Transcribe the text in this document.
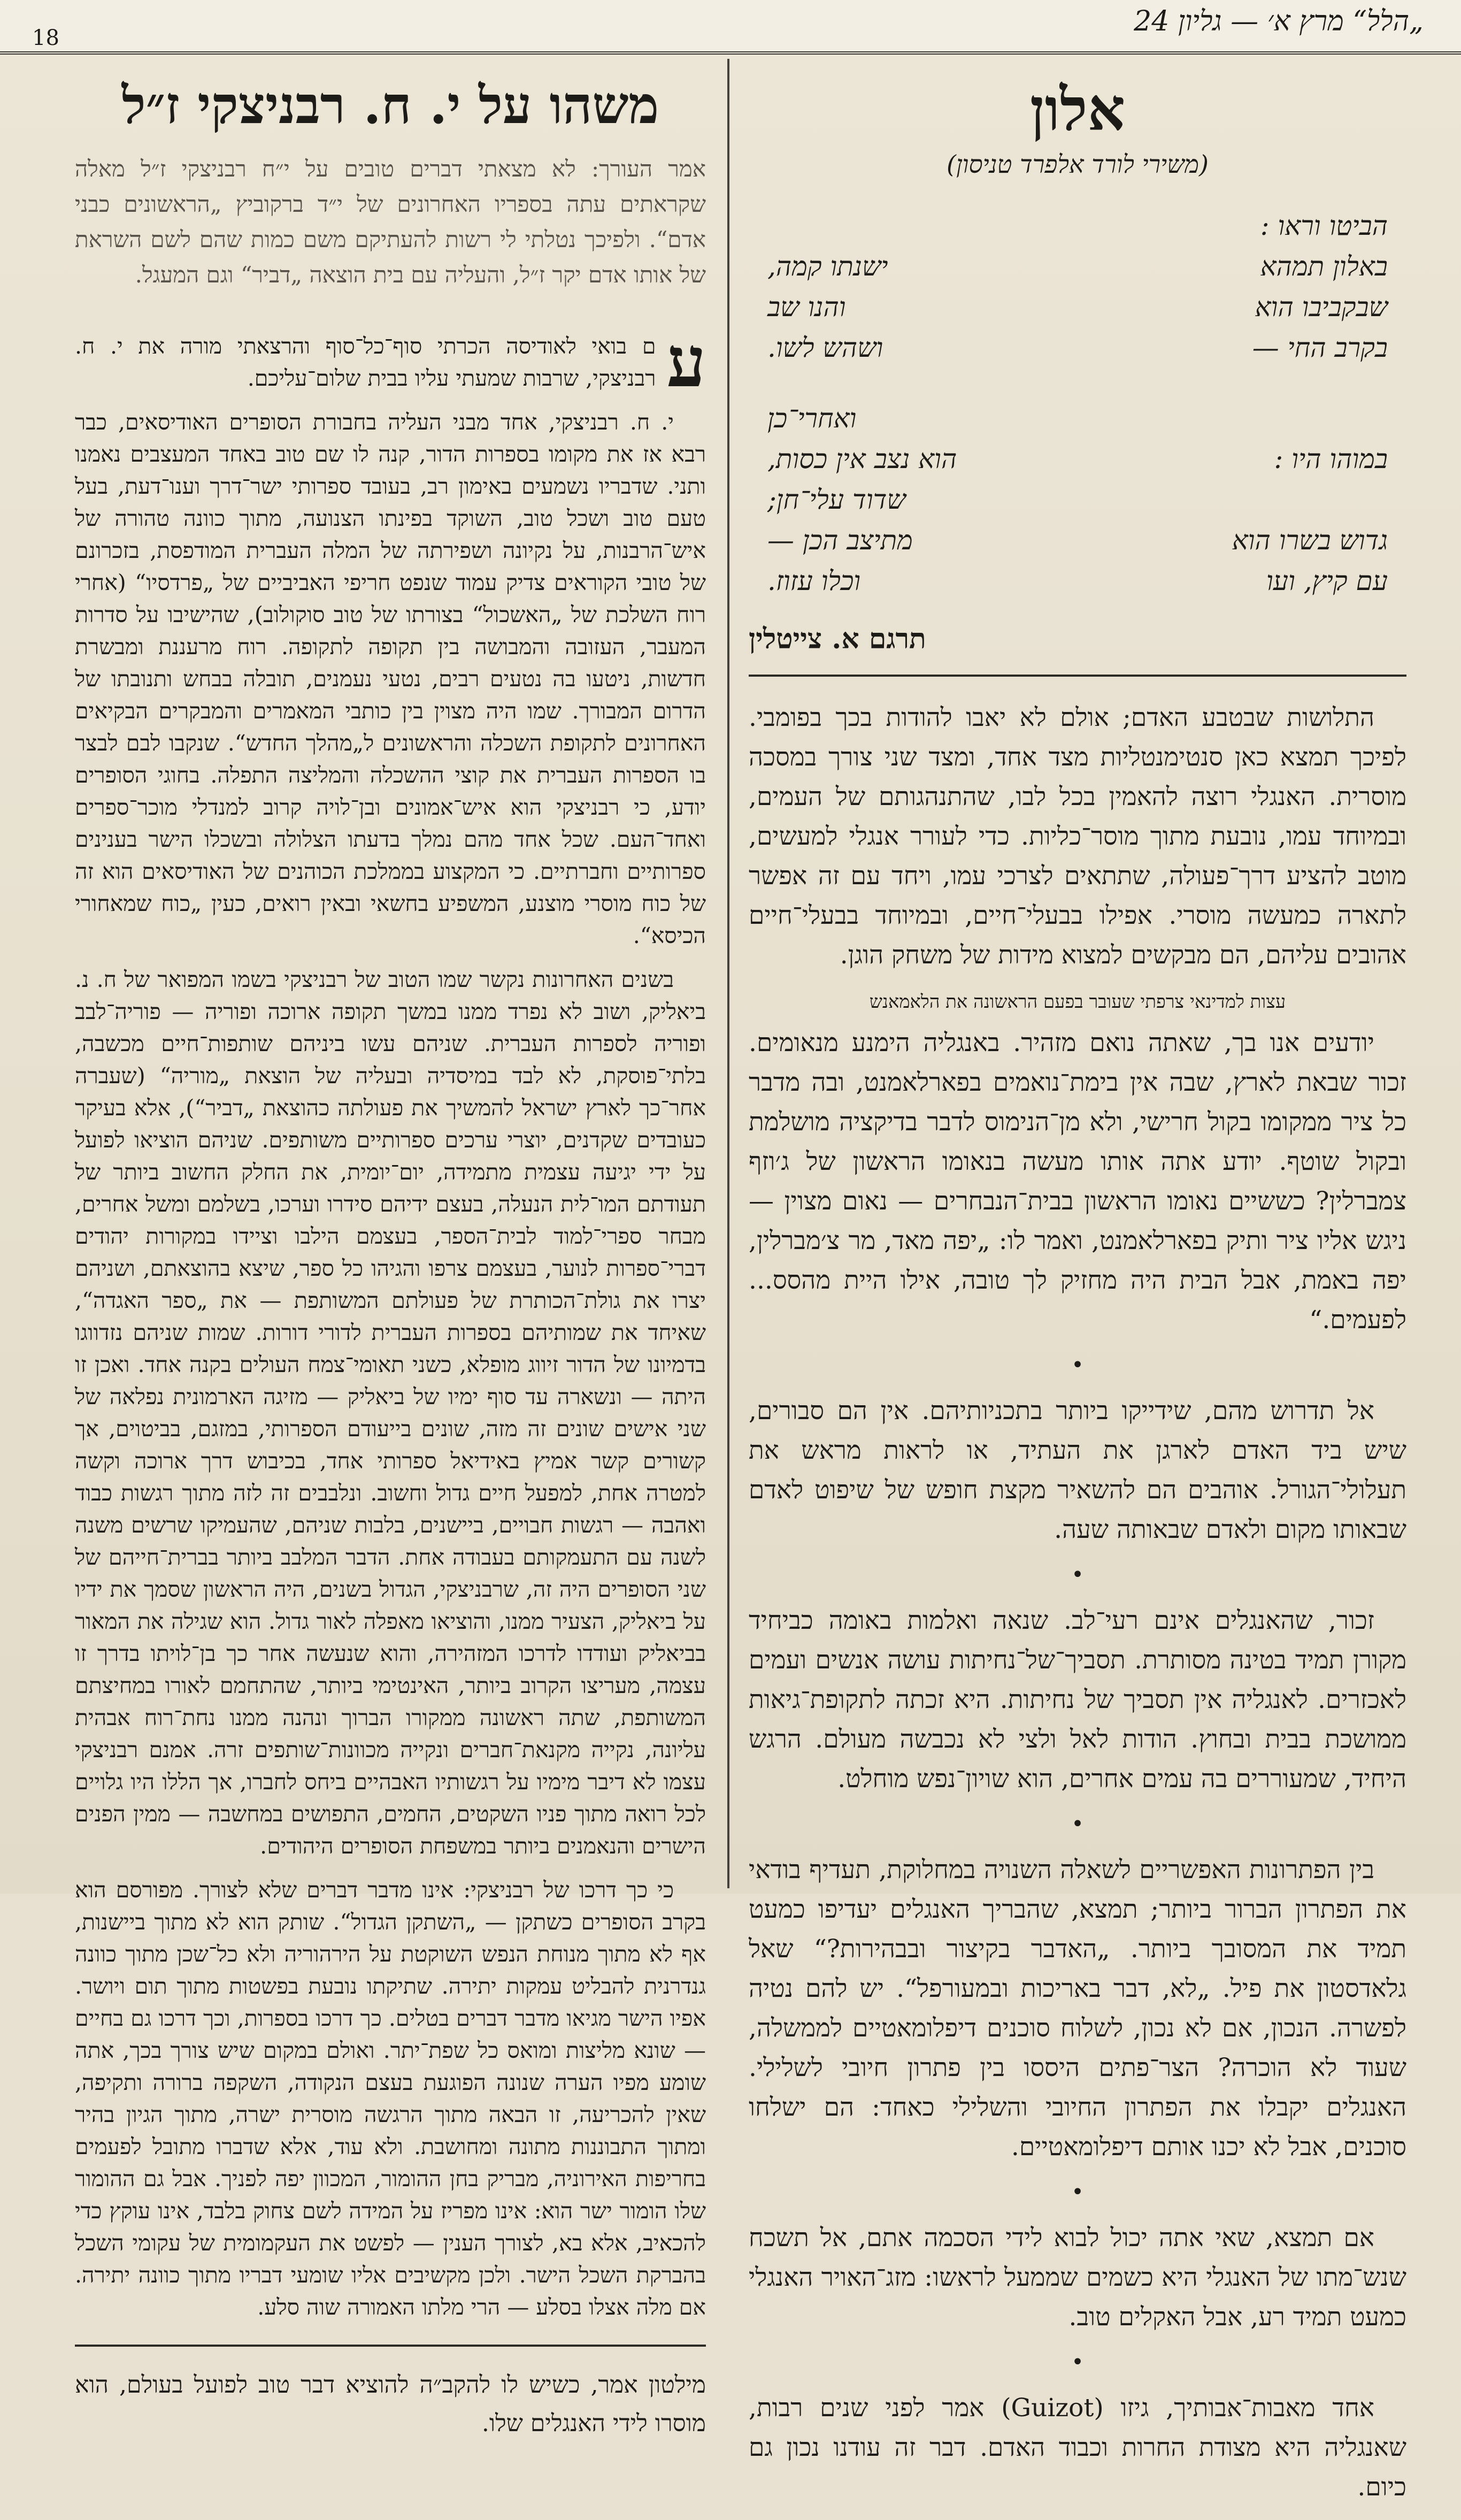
„הלל“ מרץ א׳ — גליון 24
18
אלון
(משירי לורד אלפרד טניסון)
הביטו וראו :
באלון תמהא
ישנתו קמה,
שבקביבו הוא
והנו שב
בקרב החי —
ושהש לשו.
ואחרי־כן
במוהו היו :
הוא נצב אין כסות,
שדוד עלי־חן;
גדוש בשרו הוא
מתיצב הכן —
עם קיץ, ועו
וכלו עזוז.
תרגם א. צייטלין
התלושות שבטבע האדם; אולם לא יאבו להודות בכך בפומבי. לפיכך תמצא כאן סנטימנטליות מצד אחד, ומצד שני צורך במסכה מוסרית. האנגלי רוצה להאמין בכל לבו, שהתנהגותם של העמים, ובמיוחד עמו, נובעת מתוך מוסר־כליות. כדי לעורר אנגלי למעשים, מוטב להציע דרך־פעולה, שתתאים לצרכי עמו, ויחד עם זה אפשר לתארה כמעשה מוסרי. אפילו בבעלי־חיים, ובמיוחד בבעלי־חיים אהובים עליהם, הם מבקשים למצוא מידות של משחק הוגן.
עצות למדינאי צרפתי שעובר בפעם הראשונה את הלאמאנש
יודעים אנו בך, שאתה נואם מזהיר. באנגליה הימנע מנאומים. זכור שבאת לארץ, שבה אין בימת־נואמים בפארלאמנט, ובה מדבר כל ציר ממקומו בקול חרישי, ולא מן־הנימוס לדבר בדיקציה מושלמת ובקול שוטף. יודע אתה אותו מעשה בנאומו הראשון של ג׳וזף צמברלין? כששיים נאומו הראשון בבית־הנבחרים — נאום מצוין — ניגש אליו ציר ותיק בפארלאמנט, ואמר לו: „יפה מאד, מר צ׳מברלין, יפה באמת, אבל הבית היה מחזיק לך טובה, אילו היית מהסס... לפעמים.“
•
אל תדרוש מהם, שידייקו ביותר בתכניותיהם. אין הם סבורים, שיש ביד האדם לארגן את העתיד, או לראות מראש את תעלולי־הגורל. אוהבים הם להשאיר מקצת חופש של שיפוט לאדם שבאותו מקום ולאדם שבאותה שעה.
•
זכור, שהאנגלים אינם רעי־לב. שנאה ואלמות באומה כביחיד מקורן תמיד בטינה מסותרת. תסביך־של־נחיתות עושה אנשים ועמים לאכזרים. לאנגליה אין תסביך של נחיתות. היא זכתה לתקופת־גיאות ממושכת בבית ובחוץ. הודות לאל ולצי לא נכבשה מעולם. הרגש היחיד, שמעוררים בה עמים אחרים, הוא שויון־נפש מוחלט.
•
בין הפתרונות האפשריים לשאלה השנויה במחלוקת, תעדיף בודאי את הפתרון הברור ביותר; תמצא, שהבריך האנגלים יעדיפו כמעט תמיד את המסובך ביותר. „האדבר בקיצור ובבהירות?“ שאל גלאדסטון את פיל. „לא, דבר באריכות ובמעורפל“. יש להם נטיה לפשרה. הנכון, אם לא נכון, לשלוח סוכנים דיפלומאטיים לממשלה, שעוד לא הוכרה? הצר־פתים היססו בין פתרון חיובי לשלילי. האנגלים יקבלו את הפתרון החיובי והשלילי כאחד: הם ישלחו סוכנים, אבל לא יכנו אותם דיפלומאטיים.
•
אם תמצא, שאי אתה יכול לבוא לידי הסכמה אתם, אל תשכח שנש־מתו של האנגלי היא כשמים שממעל לראשו: מזג־האויר האנגלי כמעט תמיד רע, אבל האקלים טוב.
•
אחד מאבות־אבותיך, גיזו (Guizot) אמר לפני שנים רבות, שאנגליה היא מצודת החרות וכבוד האדם. דבר זה עודנו נכון גם כיום.
משהו על י. ח. רבניצקי ז״ל
אמר העורך: לא מצאתי דברים טובים על י״ח רבניצקי ז״ל מאלה שקראתים עתה בספריו האחרונים של י״ד ברקוביץ „הראשונים כבני אדם“. ולפיכך נטלתי לי רשות להעתיקם משם כמות שהם לשם השראת של אותו אדם יקר ז״ל, והעליה עם בית הוצאה „דביר“ וגם המעגל.

ע
ם בואי לאודיסה הכרתי סוף־כל־סוף והרצאתי מורה את י. ח. רבניצקי, שרבות שמעתי עליו בבית שלום־עליכם.

י. ח. רבניצקי, אחד מבני העליה בחבורת הסופרים האודיסאים, כבר רבא אז את מקומו בספרות הדור, קנה לו שם טוב באחד המעצבים נאמנו ותני. שדבריו נשמעים באימון רב, בעובד ספרותי ישר־דרך וענו־דעת, בעל טעם טוב ושכל טוב, השוקד בפינתו הצנועה, מתוך כוונה טהורה של איש־הרבנות, על נקיונה ושפירתה של המלה העברית המודפסת, בזכרונם של טובי הקוראים צדיק עמוד שנפט חריפי האביביים של „פרדסיו“ (אחרי רוח השלכת של „האשכול“ בצורתו של טוב סוקולוב), שהישיבו על סדרות המעבר, העזובה והמבושה בין תקופה לתקופה. רוח מרעננת ומבשרת חדשות, ניטעו בה נטעים רבים, נטעי נעמנים, תובלה בבחש ותנובתו של הדרום המבורך. שמו היה מצוין בין כותבי המאמרים והמבקרים הבקיאים האחרונים לתקופת השכלה והראשונים ל„מהלך החדש“. שנקבו לבם לבצר בו הספרות העברית את קוצי ההשכלה והמליצה התפלה. בחוגי הסופרים יודע, כי רבניצקי הוא איש־אמונים ובן־לויה קרוב למנדלי מוכר־ספרים ואחד־העם. שכל אחד מהם נמלך בדעתו הצלולה ובשכלו הישר בענינים ספרותיים וחברתיים. כי המקצוע בממלכת הכוהנים של האודיסאים הוא זה של כוח מוסרי מוצנע, המשפיע בחשאי ובאין רואים, כעין „כוח שמאחורי הכיסא“.

בשנים האחרונות נקשר שמו הטוב של רבניצקי בשמו המפואר של ח. נ. ביאליק, ושוב לא נפרד ממנו במשך תקופה ארוכה ופוריה — פוריה־לבב ופוריה לספרות העברית. שניהם עשו ביניהם שותפות־חיים מכשבה, בלתי־פוסקת, לא לבד במיסדיה ובעליה של הוצאת „מוריה“ (שעברה אחר־כך לארץ ישראל להמשיך את פעולתה כהוצאת „דביר“), אלא בעיקר כעובדים שקדנים, יוצרי ערכים ספרותיים משותפים. שניהם הוציאו לפועל על ידי יגיעה עצמית מתמידה, יום־יומית, את החלק החשוב ביותר של תעודתם המו־לית הנעלה, בעצם ידיהם סידרו וערכו, בשלמם ומשל אחרים, מבחר ספרי־למוד לבית־הספר, בעצמם הילבו וציידו במקורות יהודים דברי־ספרות לנוער, בעצמם צרפו והגיהו כל ספר, שיצא בהוצאתם, ושניהם יצרו את גולת־הכותרת של פעולתם המשותפת — את „ספר האגדה“, שאיחד את שמותיהם בספרות העברית לדורי דורות. שמות שניהם נזדווגו בדמיונו של הדור זיווג מופלא, כשני תאומי־צמח העולים בקנה אחד. ואכן זו היתה — ונשארה עד סוף ימיו של ביאליק — מזיגה הארמונית נפלאה של שני אישים שונים זה מזה, שונים בייעודם הספרותי, במזגם, בביטוים, אך קשורים קשר אמיץ באידיאל ספרותי אחד, בכיבוש דרך ארוכה וקשה למטרה אחת, למפעל חיים גדול וחשוב. ונלבבים זה לזה מתוך רגשות כבוד ואהבה — רגשות חבויים, ביישנים, בלבות שניהם, שהעמיקו שרשים משנה לשנה עם התעמקותם בעבודה אחת. הדבר המלבב ביותר בברית־חייהם של שני הסופרים היה זה, שרבניצקי, הגדול בשנים, היה הראשון שסמך את ידיו על ביאליק, הצעיר ממנו, והוציאו מאפלה לאור גדול. הוא שגילה את המאור בביאליק ועודדו לדרכו המזהירה, והוא שנעשה אחר כך בן־לויתו בדרך זו עצמה, מעריצו הקרוב ביותר, האינטימי ביותר, שהתחמם לאורו במחיצתם המשותפת, שתה ראשונה ממקורו הברוך ונהנה ממנו נחת־רוח אבהית עליונה, נקייה מקנאת־חברים ונקייה מכוונות־שותפים זרה. אמנם רבניצקי עצמו לא דיבר מימיו על רגשותיו האבהיים ביחס לחברו, אך הללו היו גלויים לכל רואה מתוך פניו השקטים, החמים, התפושים במחשבה — ממין הפנים הישרים והנאמנים ביותר במשפחת הסופרים היהודים.

כי כך דרכו של רבניצקי: אינו מדבר דברים שלא לצורך. מפורסם הוא בקרב הסופרים כשתקן — „השתקן הגדול“. שותק הוא לא מתוך ביישנות, אף לא מתוך מנוחת הנפש השוקטת על הירהוריה ולא כל־שכן מתוך כוונה גנדרנית להבליט עמקות יתירה. שתיקתו נובעת בפשטות מתוך תום ויושר. אפיו הישר מגיאו מדבר דברים בטלים. כך דרכו בספרות, וכך דרכו גם בחיים — שונא מליצות ומואס כל שפת־יתר. ואולם במקום שיש צורך בכך, אתה שומע מפיו הערה שנונה הפוגעת בעצם הנקודה, השקפה ברורה ותקיפה, שאין להכריעה, זו הבאה מתוך הרגשה מוסרית ישרה, מתוך הגיון בהיר ומתוך התבוננות מתונה ומחושבת. ולא עוד, אלא שדברו מתובל לפעמים בחריפות האירוניה, מבריק בחן ההומור, המכוון יפה לפניך. אבל גם ההומור שלו הומור ישר הוא: אינו מפריז על המידה לשם צחוק בלבד, אינו עוקץ כדי להכאיב, אלא בא, לצורך הענין — לפשט את העקמומית של עקומי השכל בהברקת השכל הישר. ולכן מקשיבים אליו שומעי דבריו מתוך כוונה יתירה. אם מלה אצלו בסלע — הרי מלתו האמורה שוה סלע.

מילטון אמר, כשיש לו להקב״ה להוציא דבר טוב לפועל בעולם, הוא מוסרו לידי האנגלים שלו.
